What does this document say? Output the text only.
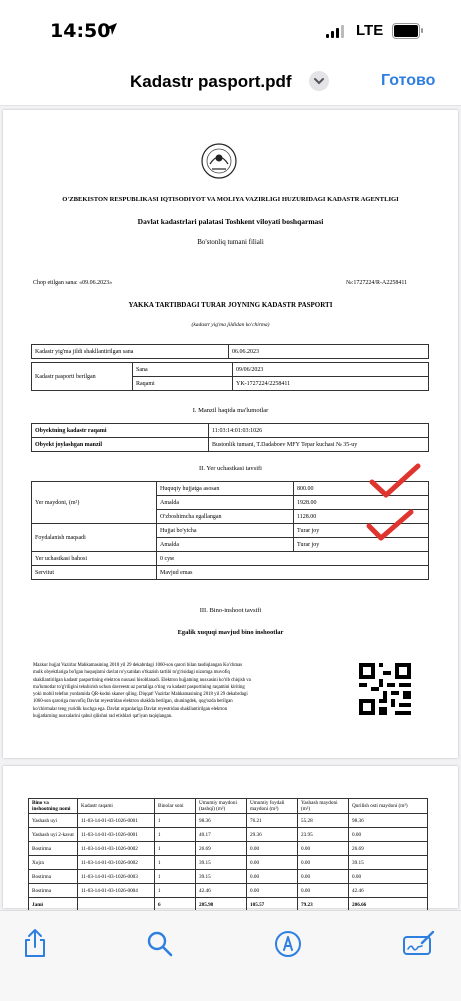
14:50	LTE
Kadastr pasport.pdf	Готово
O'ZBEKISTON RESPUBLIKASI IQTISODIYOT VA MOLIYA VAZIRLIGI HUZURIDAGI KADASTR AGENTLIGI
Davlat kadastrlari palatasi Toshkent viloyati boshqarmasi
Bo'stonliq tumani filiali
Chop etilgan sana: «09.06.2023»	№:1727224/R-A2258411
YAKKA TARTIBDAGI TURAR JOYNING KADASTR PASPORTI
(kadastr yig'ma jildidan ko'chirma)
Kadastr yig'ma jildi shakllantirilgan sana	06.06.2023
Kadastr pasporti berilgan	Sana	09/06/2023
	Raqami	YK-1727224/2258411
I. Manzil haqida ma'lumotlar
Obyektning kadastr raqami	11:03:14:01:03:1026
Obyekt joylashgan manzil	Bustonlik tumani, T.Dadaboev MFY Tepar kuchasi № 35-uy
II. Yer uchastkasi tavsifi
Yer maydoni, (m²)	Huquqiy hujjatga asosan	800.00
	Amalda	1928.00
	O'zboshimcha egallangan	1128.00
Foydalanish maqsadi	Hujjat bo'yicha	Turar joy
	Amalda	Turar joy
Yer uchastkasi bahosi	0 сум	
Servitut	Mavjud emas	
III. Bino-inshoot tavsifi
Egalik xuquqi mavjud bino inshootlar
Mazkur hujjat Vazirlar Mahkamasining 2018 yil 29 dekabrdagi 1060-son qarori bilan tasdiqlangan Ko'chmas
mulk obyektlariga bo'lgan huquqlarni davlat ro'yxatidan o'tkazish tartibi to'g'risidagi nizomga muvofiq
shakllantirilgan kadastr pasportining elektron nusxasi hisoblanadi. Elektron hujjatning nusxasini ko'rib chiqish va
ma'lumotlar to'g'riligini tekshirish uchun davreestr.uz portaliga o'ting va kadastr pasportining raqamini kiriting
yoki mobil telefon yordamida QR-kodni skaner qiling. Diqqat! Vazirlar Mahkamasining 2018 yil 29 dekabrdagi
1060-son qaroriga muvofiq Davlat reyestridan elektron shaklda berilgan, shuningdek, qog'ozda berilgan
ko'chirmalar teng yuridik kuchga ega. Davlat organlariga Davlat reyestridan shakllantirilgan elektron
hujjatlarning nusxalarini qabul qilishni rad etishlari qat'iyan taqiqlangan.
Bino va inshootning nomi	Kadastr raqami	Binolar soni	Umumiy maydoni (tashqi) (m²)	Umumiy foydali maydoni (m²)	Yashash maydoni (m²)	Qurilish osti maydoni (m²)
Yashash uyi	11-03-14-01-03-1026-0001	1	98.36	76.21	55.28	98.36
Yashash uyi 2-kavat	11-03-14-01-03-1026-0001	1	40.17	29.36	23.95	0.00
Bostirma	11-03-14-01-03-1026-0002	1	26.69	0.00	0.00	26.69
Xojra	11-03-14-01-03-1026-0002	1	39.15	0.00	0.00	39.15
Bostirma	11-03-14-01-03-1026-0003	1	39.15	0.00	0.00	0.00
Bostirma	11-03-14-01-03-1026-0004	1	42.46	0.00	0.00	42.46
Jami		6	285.98	105.57	79.23	206.66
